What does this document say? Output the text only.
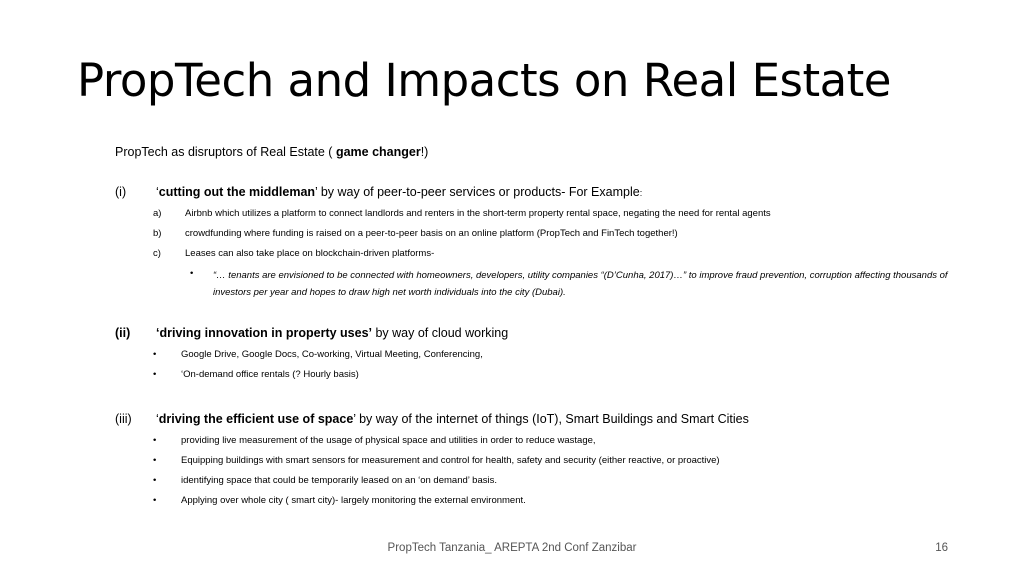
PropTech and Impacts on Real Estate
PropTech as disruptors of Real Estate ( game changer!)
(i) ‘cutting out the middleman’ by way of peer-to-peer services or products- For Example:
a) Airbnb which utilizes a platform to connect landlords and renters in the short-term property rental space, negating the need for rental agents
b) crowdfunding where funding is raised on a peer-to-peer basis on an online platform (PropTech and FinTech together!)
c)	Leases can also take place on blockchain-driven platforms-
• “… tenants are envisioned to be connected with homeowners, developers, utility companies “(D’Cunha, 2017)…” to improve fraud prevention, corruption affecting thousands of investors per year and hopes to draw high net worth individuals into the city (Dubai).
(ii) ‘driving innovation in property uses’ by way of cloud working
•	Google Drive, Google Docs, Co-working, Virtual Meeting, Conferencing,
•	‘On-demand office rentals (? Hourly basis)
(iii) ‘driving the efficient use of space’ by way of the internet of things (IoT), Smart Buildings and Smart Cities
•	providing live measurement of the usage of physical space and utilities in order to reduce wastage,
•	Equipping buildings with smart sensors for measurement and control for health, safety and security (either reactive, or proactive)
•	identifying space that could be temporarily leased on an ‘on demand’ basis.
•	Applying over whole city ( smart city)- largely monitoring the external environment.
PropTech Tanzania_ AREPTA 2nd Conf Zanzibar	16
